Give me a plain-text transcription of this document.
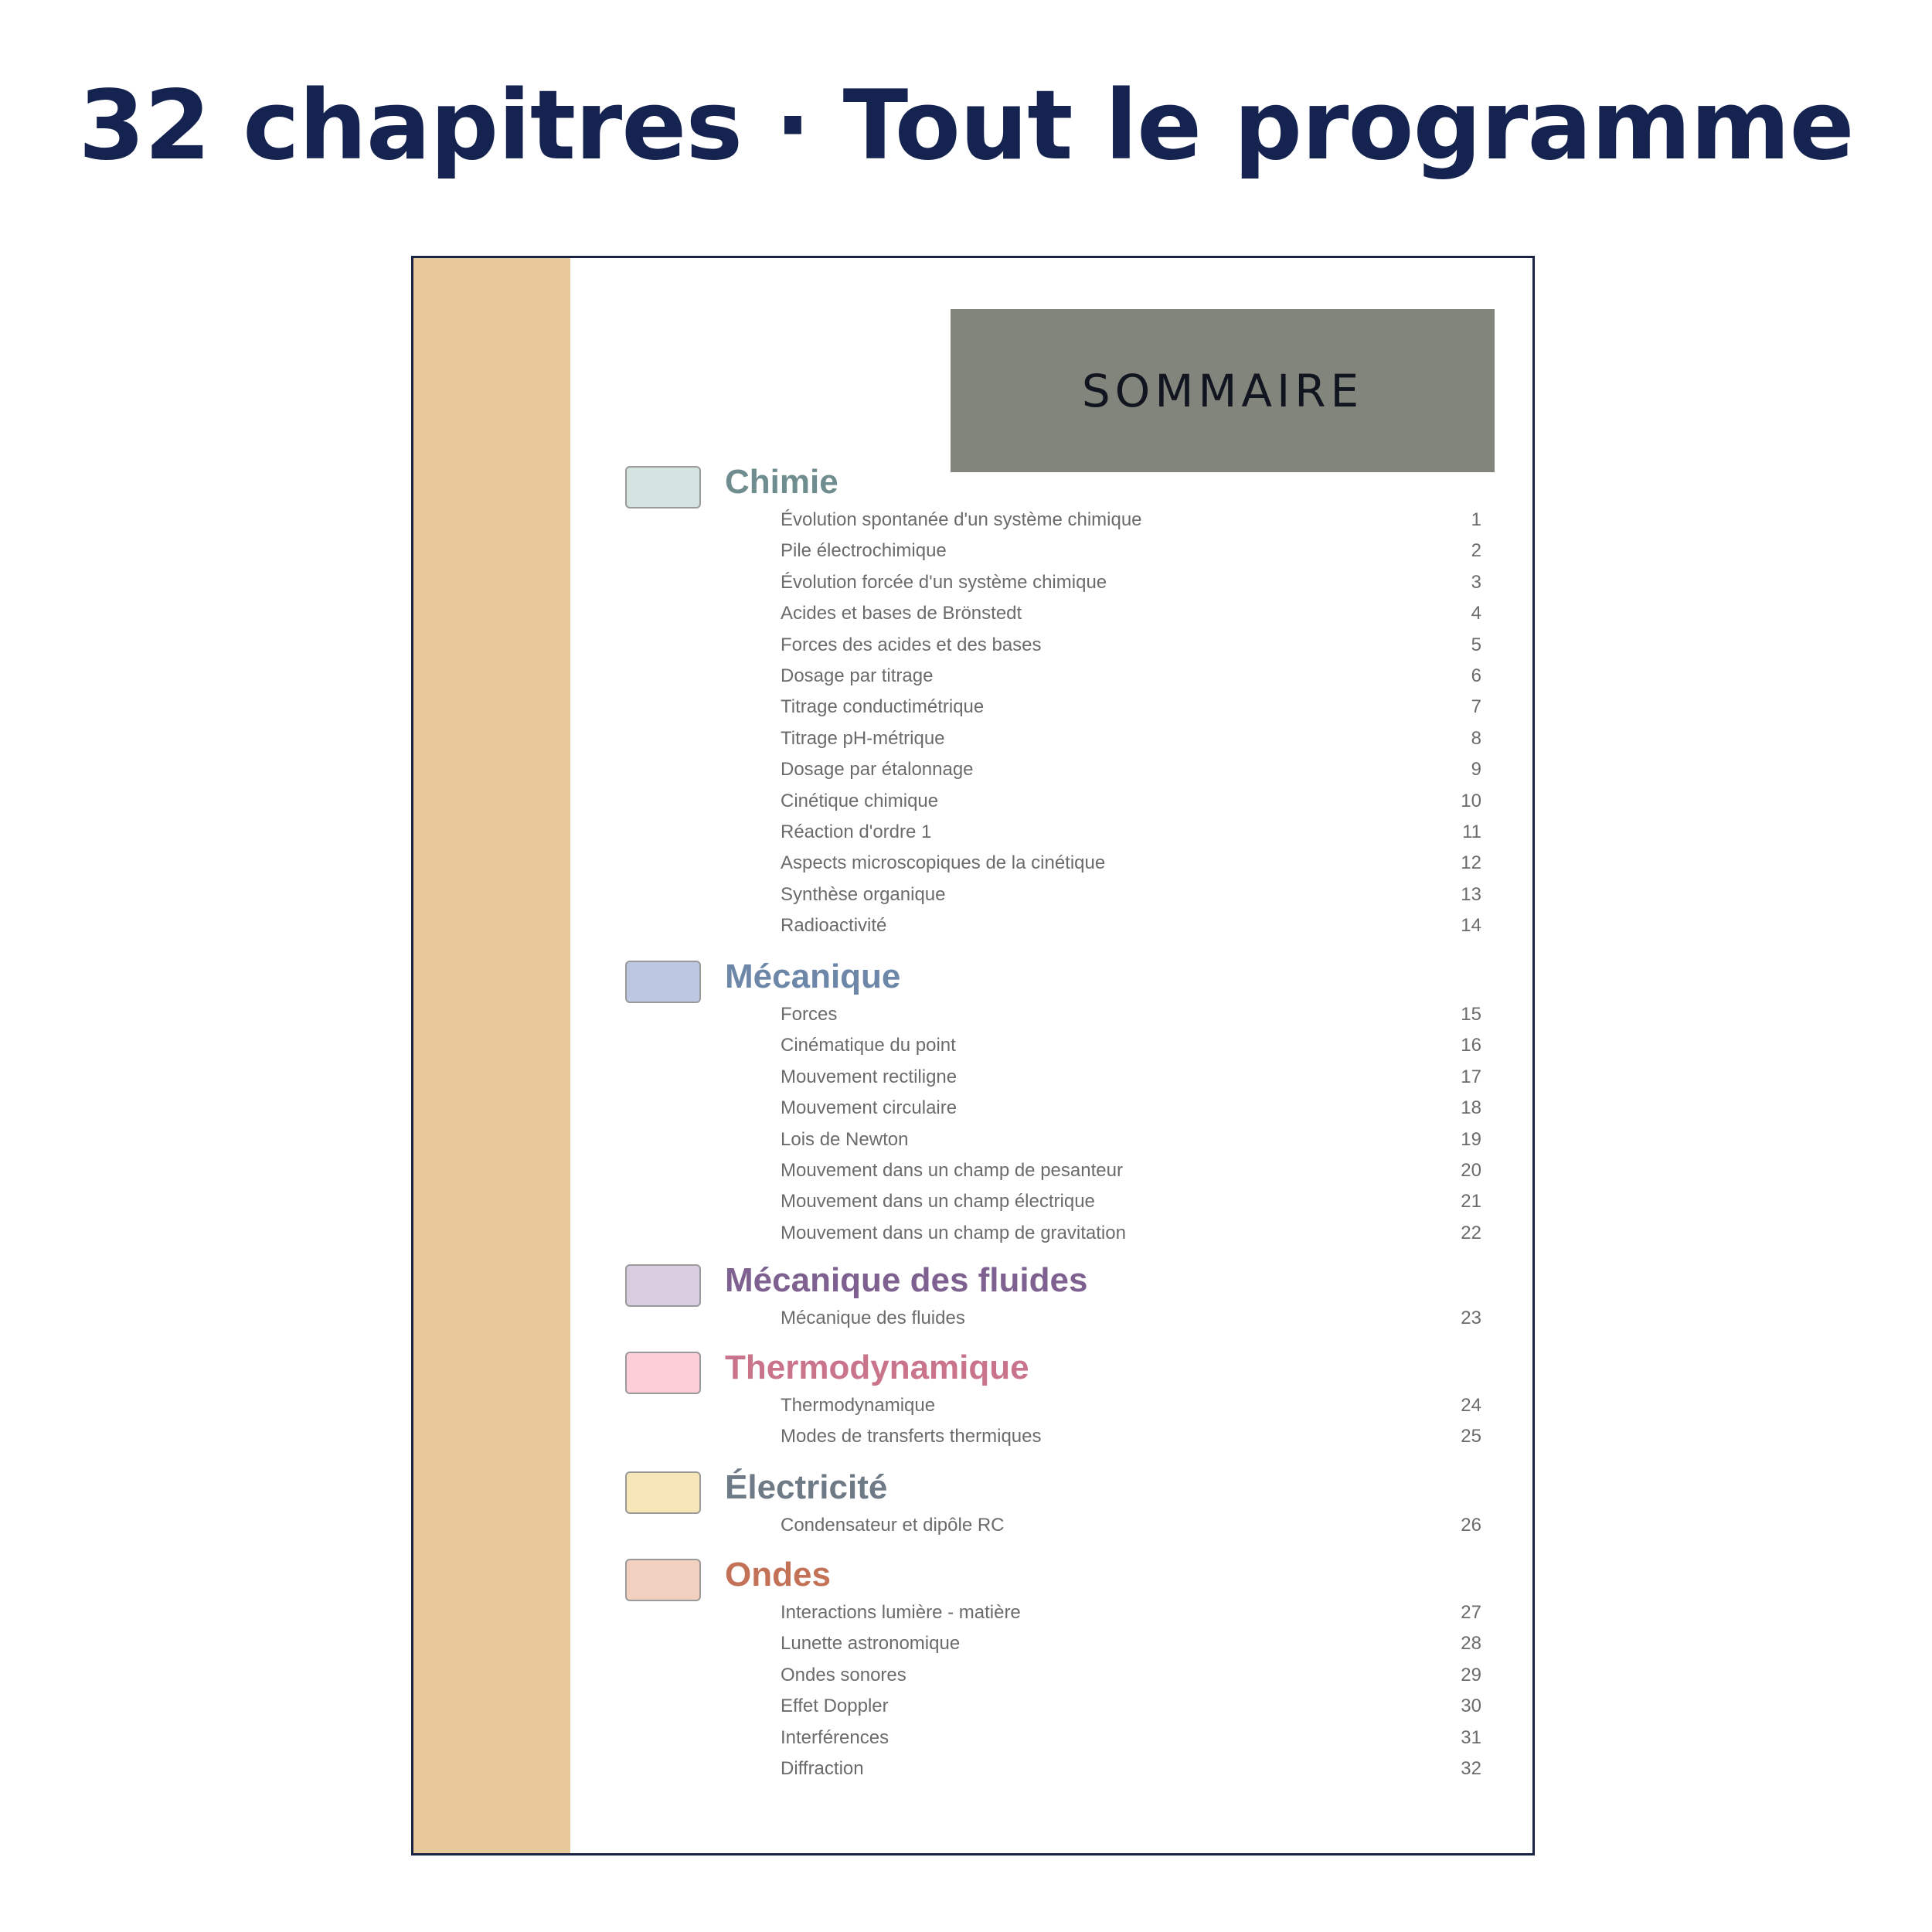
32 chapitres · Tout le programme
SOMMAIRE
Chimie
Évolution spontanée d'un système chimique	1
Pile électrochimique	2
Évolution forcée d'un système chimique	3
Acides et bases de Brönstedt	4
Forces des acides et des bases	5
Dosage par titrage	6
Titrage conductimétrique	7
Titrage pH-métrique	8
Dosage par étalonnage	9
Cinétique chimique	10
Réaction d'ordre 1	11
Aspects microscopiques de la cinétique	12
Synthèse organique	13
Radioactivité	14
Mécanique
Forces	15
Cinématique du point	16
Mouvement rectiligne	17
Mouvement circulaire	18
Lois de Newton	19
Mouvement dans un champ de pesanteur	20
Mouvement dans un champ électrique	21
Mouvement dans un champ de gravitation	22
Mécanique des fluides
Mécanique des fluides	23
Thermodynamique
Thermodynamique	24
Modes de transferts thermiques	25
Électricité
Condensateur et dipôle RC	26
Ondes
Interactions lumière - matière	27
Lunette astronomique	28
Ondes sonores	29
Effet Doppler	30
Interférences	31
Diffraction	32
